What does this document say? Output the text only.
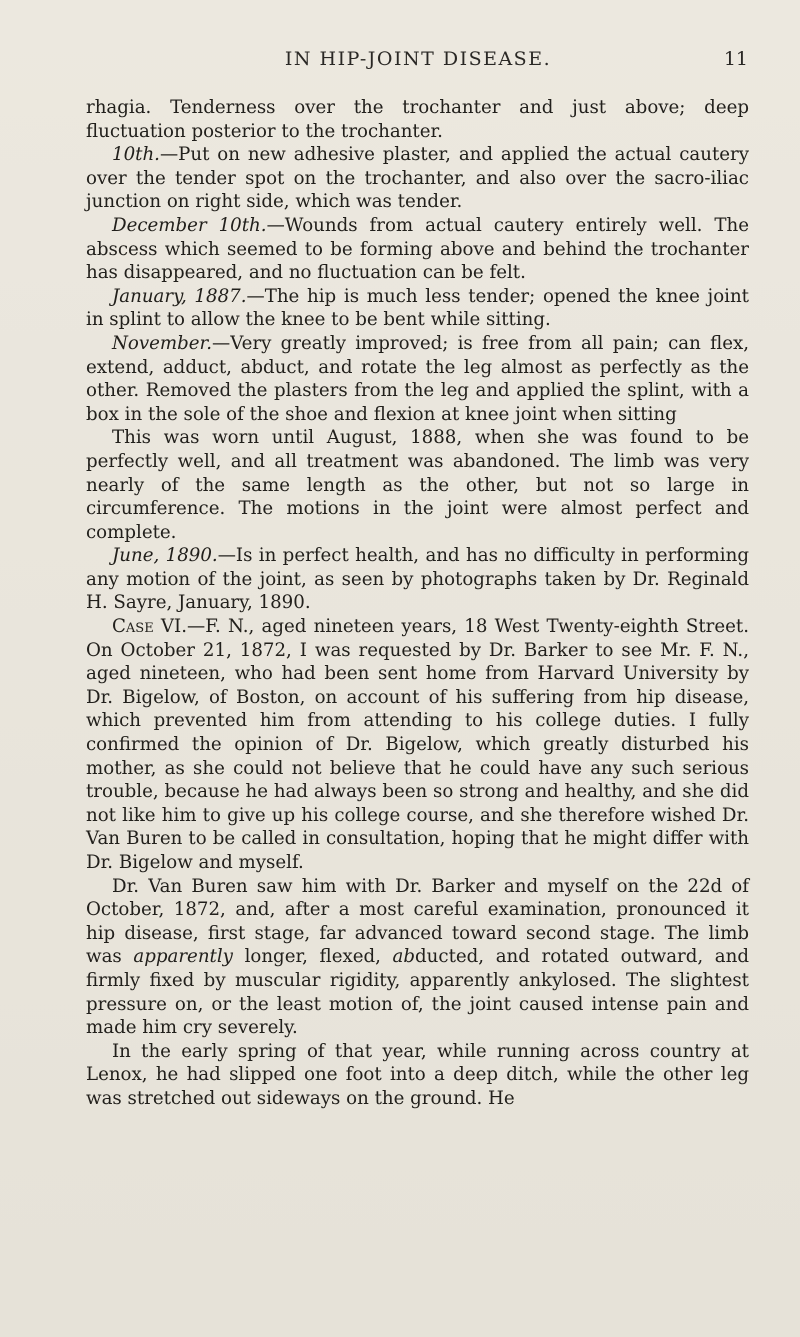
IN HIP-JOINT DISEASE.	11

rhagia. Tenderness over the trochanter and just above; deep fluctuation posterior to the trochanter.

10th.—Put on new adhesive plaster, and applied the actual cautery over the tender spot on the trochanter, and also over the sacro-iliac junction on right side, which was tender.

December 10th.—Wounds from actual cautery entirely well. The abscess which seemed to be forming above and behind the trochanter has disappeared, and no fluctuation can be felt.

January, 1887.—The hip is much less tender; opened the knee joint in splint to allow the knee to be bent while sitting.

November.—Very greatly improved; is free from all pain; can flex, extend, adduct, abduct, and rotate the leg almost as perfectly as the other. Removed the plasters from the leg and applied the splint, with a box in the sole of the shoe and flexion at knee joint when sitting

This was worn until August, 1888, when she was found to be perfectly well, and all treatment was abandoned. The limb was very nearly of the same length as the other, but not so large in circumference. The motions in the joint were almost perfect and complete.

June, 1890.—Is in perfect health, and has no difficulty in performing any motion of the joint, as seen by photographs taken by Dr. Reginald H. Sayre, January, 1890.

Case VI.—F. N., aged nineteen years, 18 West Twenty-eighth Street. On October 21, 1872, I was requested by Dr. Barker to see Mr. F. N., aged nineteen, who had been sent home from Harvard University by Dr. Bigelow, of Boston, on account of his suffering from hip disease, which prevented him from attending to his college duties. I fully confirmed the opinion of Dr. Bigelow, which greatly disturbed his mother, as she could not believe that he could have any such serious trouble, because he had always been so strong and healthy, and she did not like him to give up his college course, and she therefore wished Dr. Van Buren to be called in consultation, hoping that he might differ with Dr. Bigelow and myself.

Dr. Van Buren saw him with Dr. Barker and myself on the 22d of October, 1872, and, after a most careful examination, pronounced it hip disease, first stage, far advanced toward second stage. The limb was apparently longer, flexed, abducted, and rotated outward, and firmly fixed by muscular rigidity, apparently ankylosed. The slightest pressure on, or the least motion of, the joint caused intense pain and made him cry severely.

In the early spring of that year, while running across country at Lenox, he had slipped one foot into a deep ditch, while the other leg was stretched out sideways on the ground. He
